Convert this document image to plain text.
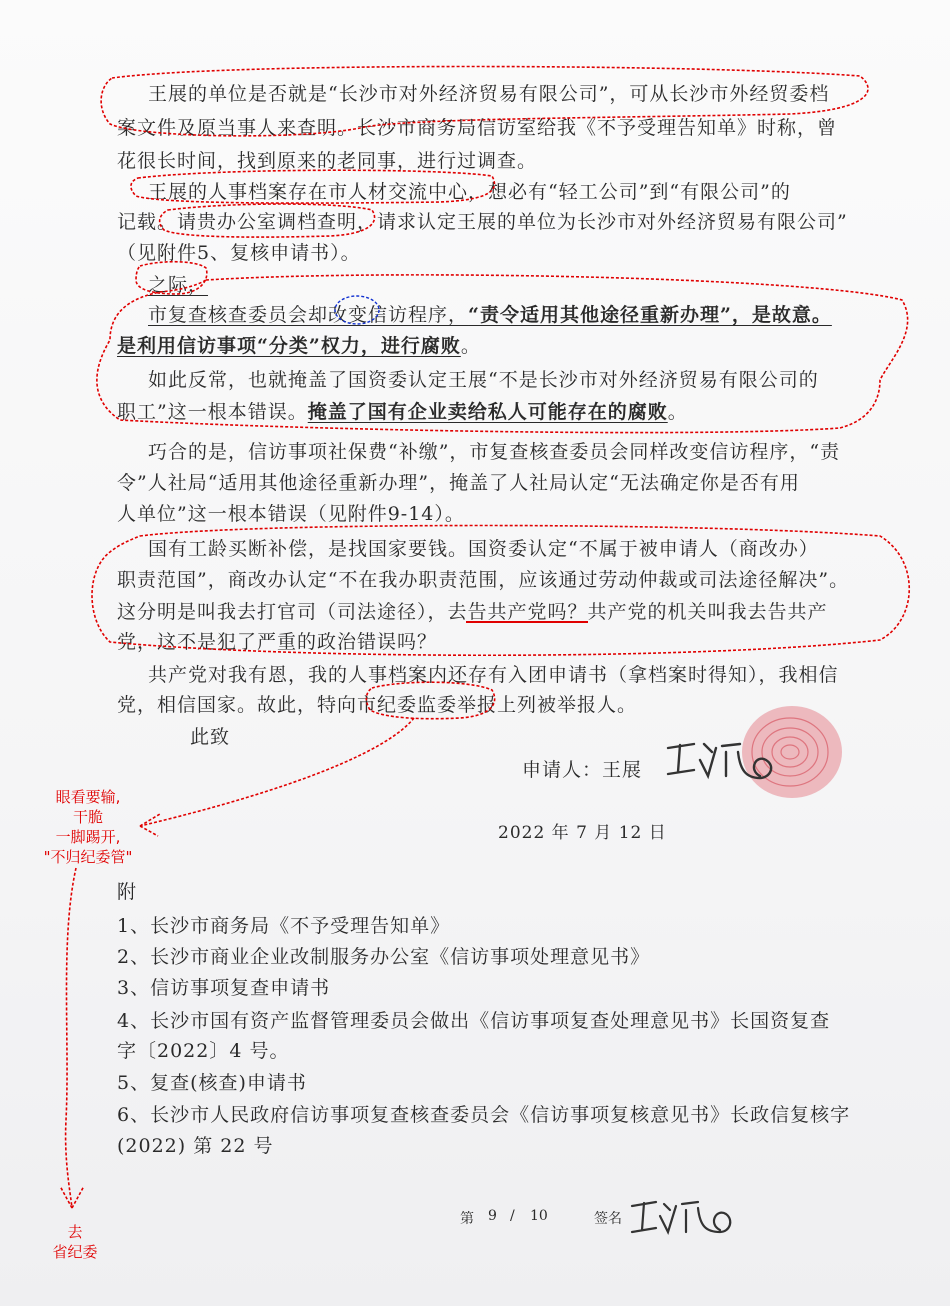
王展的单位是否就是“长沙市对外经济贸易有限公司”，可从长沙市外经贸委档
案文件及原当事人来查明。长沙市商务局信访室给我《不予受理告知单》时称，曾
花很长时间，找到原来的老同事，进行过调查。
王展的人事档案存在市人材交流中心，想必有“轻工公司”到“有限公司”的
记载。请贵办公室调档查明，请求认定王展的单位为长沙市对外经济贸易有限公司”
（见附件5、复核申请书）。
之际，
市复查核查委员会却改变信访程序，“责令适用其他途径重新办理”，是故意。
是利用信访事项“分类”权力，进行腐败。
如此反常，也就掩盖了国资委认定王展“不是长沙市对外经济贸易有限公司的
职工”这一根本错误。掩盖了国有企业卖给私人可能存在的腐败。
巧合的是，信访事项社保费“补缴”，市复查核查委员会同样改变信访程序，“责
令”人社局“适用其他途径重新办理”，掩盖了人社局认定“无法确定你是否有用
人单位”这一根本错误（见附件9-14）。
国有工龄买断补偿，是找国家要钱。国资委认定“不属于被申请人（商改办）
职责范国”，商改办认定“不在我办职责范围，应该通过劳动仲裁或司法途径解决”。
这分明是叫我去打官司（司法途径），去告共产党吗？共产党的机关叫我去告共产
党，这不是犯了严重的政治错误吗？
共产党对我有恩，我的人事档案内还存有入团申请书（拿档案时得知），我相信
党，相信国家。故此，特向市纪委监委举报上列被举报人。
此致
申请人：王展
2022 年 7 月 12 日
附
1、长沙市商务局《不予受理告知单》
2、长沙市商业企业改制服务办公室《信访事项处理意见书》
3、信访事项复查申请书
4、长沙市国有资产监督管理委员会做出《信访事项复查处理意见书》长国资复查
字〔2022〕4 号。
5、复查(核查)申请书
6、长沙市人民政府信访事项复查核查委员会《信访事项复核意见书》长政信复核字
(2022) 第 22 号
第 9 / 10	签名
眼看要输,
干脆
一脚踢开,
"不归纪委管"
去
省纪委
